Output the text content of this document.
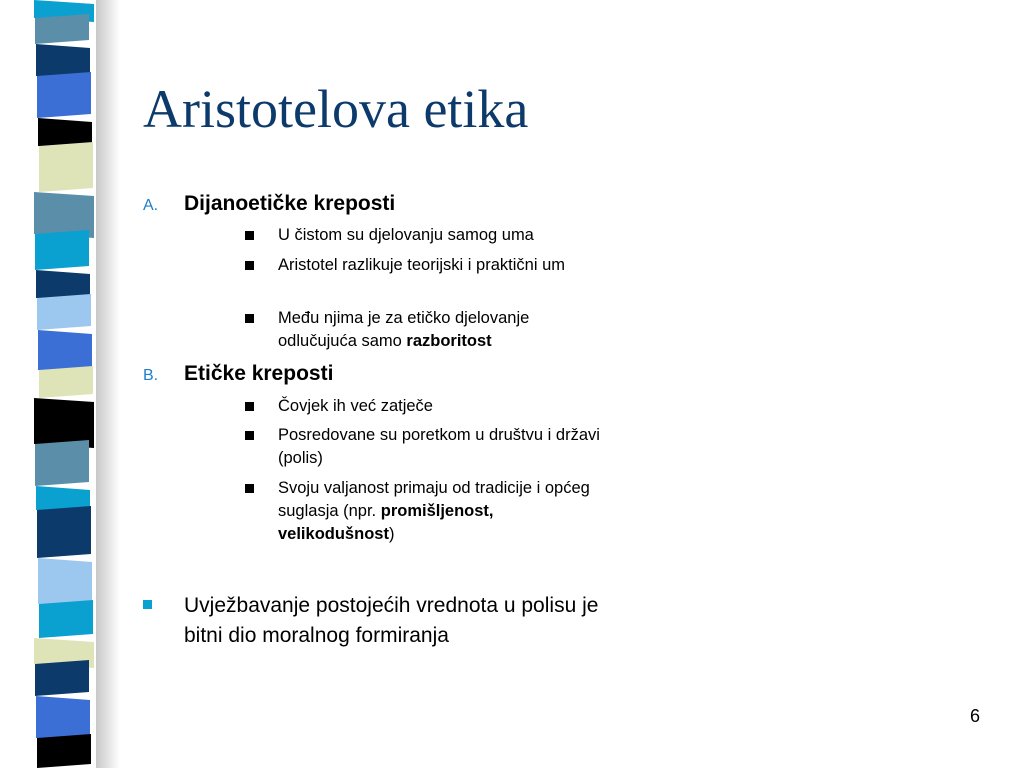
Aristotelova etika
A. Dijanoetičke kreposti
U čistom su djelovanju samog uma
Aristotel razlikuje teorijski i praktični um
Među njima je za etičko djelovanje odlučujuća samo razboritost
B. Etičke kreposti
Čovjek ih već zatječe
Posredovane su poretkom u društvu i državi (polis)
Svoju valjanost primaju od tradicije i općeg suglasja (npr. promišljenost, velikodušnost)
Uvježbavanje postojećih vrednota u polisu je bitni dio moralnog formiranja
6
